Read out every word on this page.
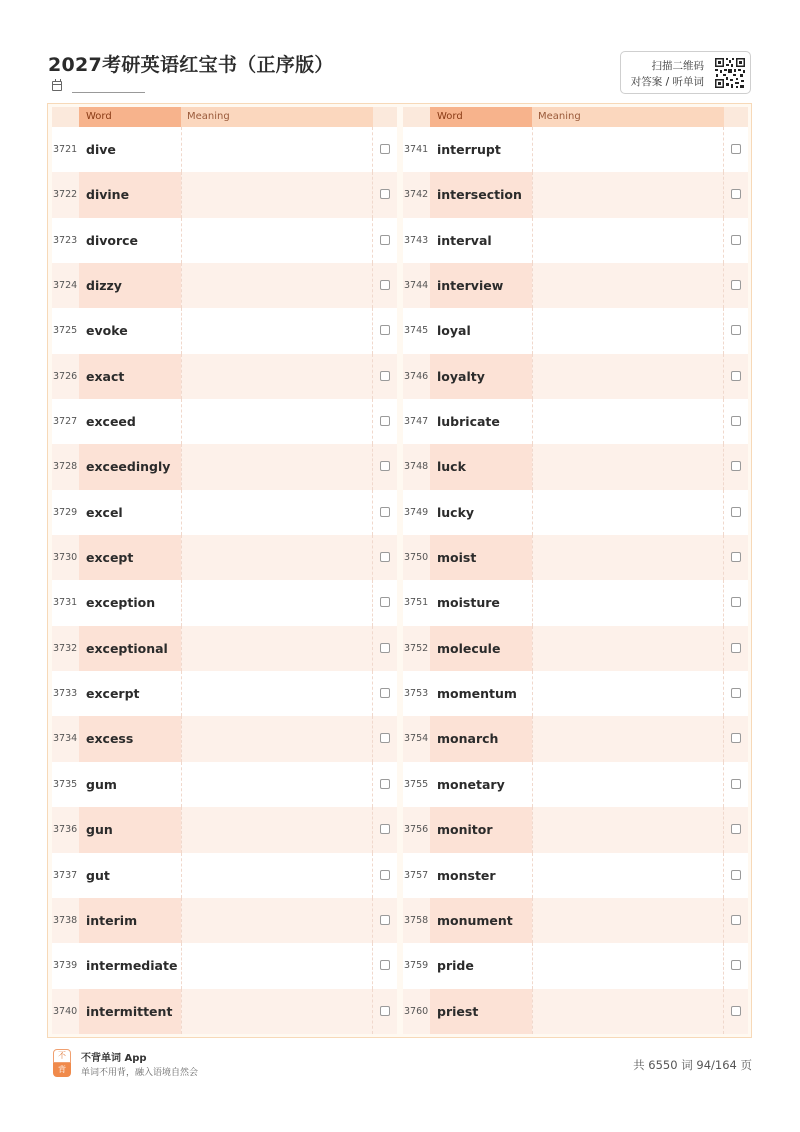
2027考研英语红宝书（正序版）	扫描二维码
对答案 / 听单词
Word	Meaning
3721 dive
3722 divine
3723 divorce
3724 dizzy
3725 evoke
3726 exact
3727 exceed
3728 exceedingly
3729 excel
3730 except
3731 exception
3732 exceptional
3733 excerpt
3734 excess
3735 gum
3736 gun
3737 gut
3738 interim
3739 intermediate
3740 intermittent
Word	Meaning
3741 interrupt
3742 intersection
3743 interval
3744 interview
3745 loyal
3746 loyalty
3747 lubricate
3748 luck
3749 lucky
3750 moist
3751 moisture
3752 molecule
3753 momentum
3754 monarch
3755 monetary
3756 monitor
3757 monster
3758 monument
3759 pride
3760 priest
不
背
不背单词 App
单词不用背，融入语境自然会
共 6550 词 94/164 页
